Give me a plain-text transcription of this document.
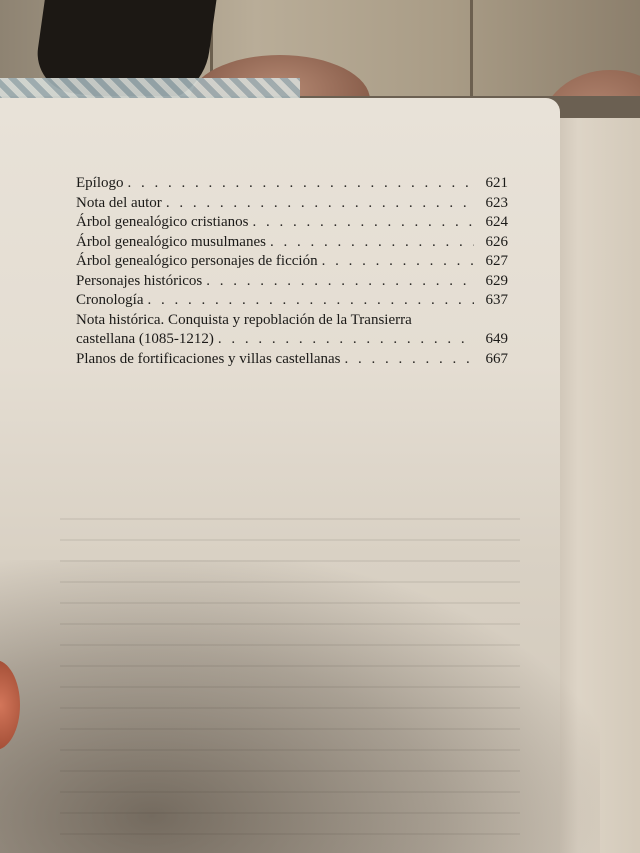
Epílogo . . .	621
Nota del autor . . .	623
Árbol genealógico cristianos . . .	624
Árbol genealógico musulmanes . . .	626
Árbol genealógico personajes de ficción . . .	627
Personajes históricos . . .	629
Cronología . . .	637
Nota histórica. Conquista y repoblación de la Transierra
castellana (1085-1212) . . .	649
Planos de fortificaciones y villas castellanas . . .	667
